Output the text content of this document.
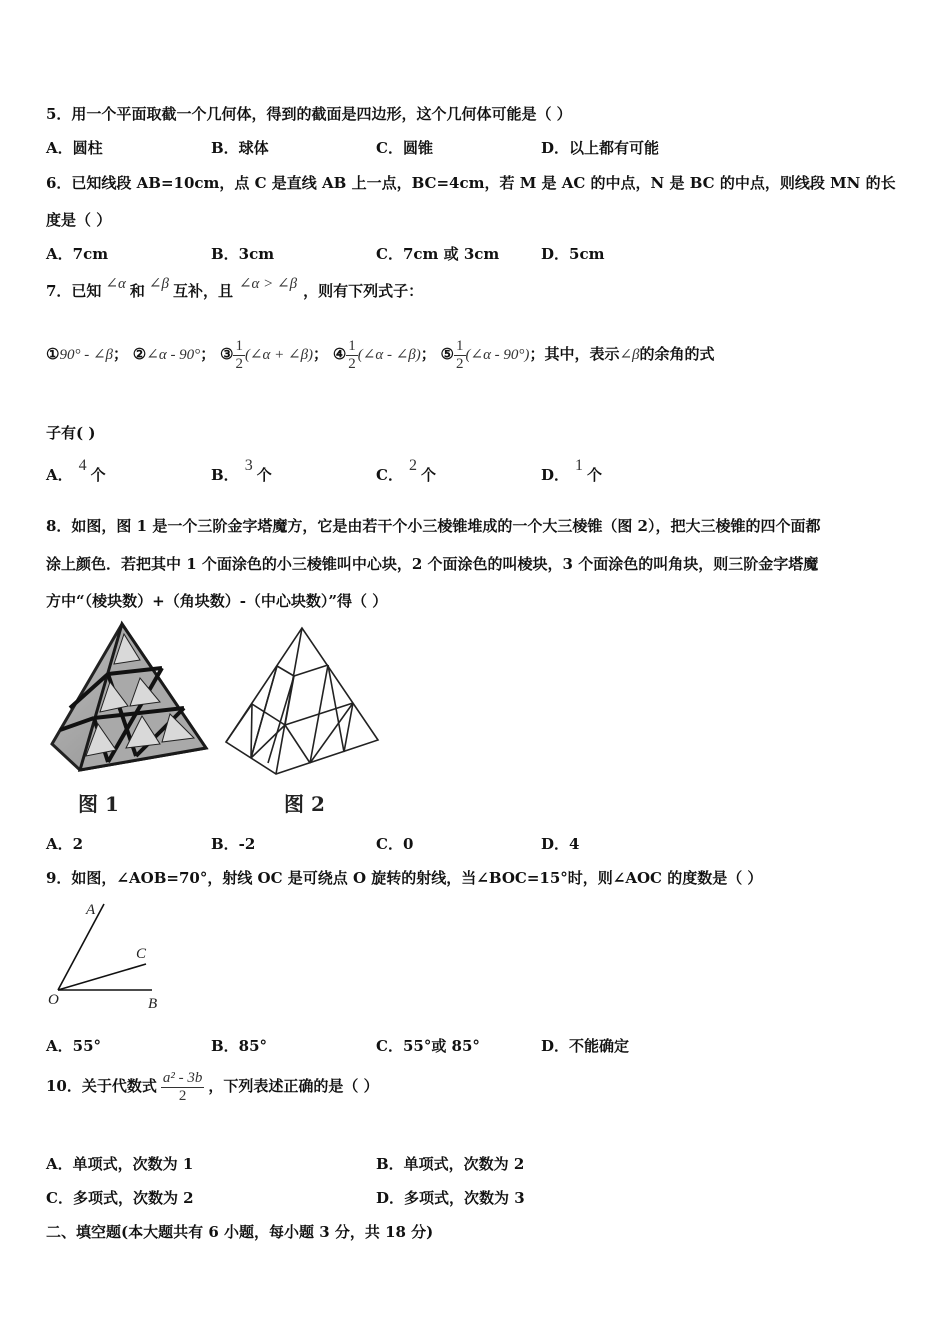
5．用一个平面取截一个几何体，得到的截面是四边形，这个几何体可能是（ ）
A．圆柱	B．球体	C．圆锥	D．以上都有可能
6．已知线段 AB=10cm，点 C 是直线 AB 上一点，BC=4cm，若 M 是 AC 的中点，N 是 BC 的中点，则线段 MN 的长
度是（ ）
A．7cm	B．3cm	C．7cm 或 3cm	D．5cm
7．已知 ∠α 和 ∠β 互补，且 ∠α > ∠β ，则有下列式子：
①90° - ∠β； ②∠α - 90°； ③ $\frac{1}{2}$ (∠α + ∠β)； ④ $\frac{1}{2}$ (∠α - ∠β)； ⑤ $\frac{1}{2}$ (∠α - 90°)；其中，表示∠β的余角的式
子有( )
A．4个	B．3个	C．2个	D．1个
8．如图，图 1 是一个三阶金字塔魔方，它是由若干个小三棱锥堆成的一个大三棱锥（图 2），把大三棱锥的四个面都
涂上颜色．若把其中 1 个面涂色的小三棱锥叫中心块，2 个面涂色的叫棱块，3 个面涂色的叫角块，则三阶金字塔魔
方中“（棱块数）+（角块数）-（中心块数）”得（ ）
图 1	图 2
A．2	B．-2	C．0	D．4
9．如图，∠AOB=70°，射线 OC 是可绕点 O 旋转的射线，当∠BOC=15°时，则∠AOC 的度数是（ ）
A
C
O	B
A．55°	B．85°	C．55°或 85°	D．不能确定
10．关于代数式 $\frac{\text{a² - 3b}}{2}$ ，下列表述正确的是（ ）
A．单项式，次数为 1	B．单项式，次数为 2
C．多项式，次数为 2	D．多项式，次数为 3
二、填空题(本大题共有 6 小题，每小题 3 分，共 18 分)
